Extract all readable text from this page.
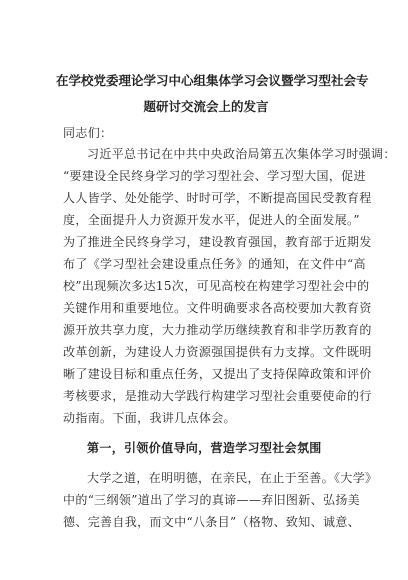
在学校党委理论学习中心组集体学习会议暨学习型社会专
题研讨交流会上的发言
同志们：
习近平总书记在中共中央政治局第五次集体学习时强调：
“要建设全民终身学习的学习型社会、学习型大国，促进
人人皆学、处处能学、时时可学，不断提高国民受教育程
度，全面提升人力资源开发水平，促进人的全面发展。”
为了推进全民终身学习，建设教育强国，教育部于近期发
布了《学习型社会建设重点任务》的通知，在文件中“高
校”出现频次多达15次，可见高校在构建学习型社会中的
关键作用和重要地位。文件明确要求各高校要加大教育资
源开放共享力度，大力推动学历继续教育和非学历教育的
改革创新，为建设人力资源强国提供有力支撑。文件既明
晰了建设目标和重点任务，又提出了支持保障政策和评价
考核要求，是推动大学践行构建学习型社会重要使命的行
动指南。下面，我讲几点体会。
第一，引领价值导向，营造学习型社会氛围
大学之道，在明明德，在亲民，在止于至善。《大学》
中的“三纲领”道出了学习的真谛——弃旧图新、弘扬美
德、完善自我，而文中“八条目”（格物、致知、诚意、
